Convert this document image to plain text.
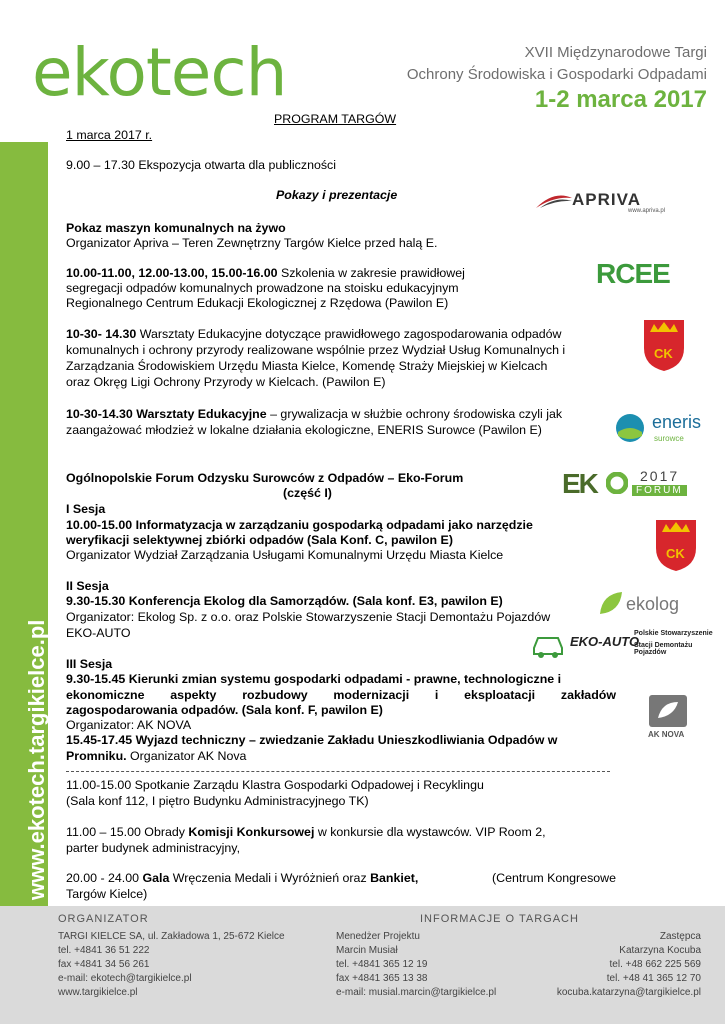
ekotech	XVII Międzynarodowe Targi
Ochrony Środowiska i Gospodarki Odpadami
1-2 marca 2017
www.ekotech.targikielce.pl
PROGRAM TARGÓW
1 marca 2017 r.
9.00 – 17.30 Ekspozycja otwarta dla publiczności
Pokazy i prezentacje
Pokaz maszyn komunalnych na żywo
Organizator Apriva – Teren Zewnętrzny Targów Kielce przed halą E.
10.00-11.00, 12.00-13.00, 15.00-16.00 Szkolenia w zakresie prawidłowej
segregacji odpadów komunalnych prowadzone na stoisku edukacyjnym
Regionalnego Centrum Edukacji Ekologicznej z Rzędowa (Pawilon E)
10-30- 14.30 Warsztaty Edukacyjne dotyczące prawidłowego zagospodarowania odpadów
komunalnych i ochrony przyrody realizowane wspólnie przez Wydział Usług Komunalnych i
Zarządzania Środowiskiem Urzędu Miasta Kielce, Komendę Straży Miejskiej w Kielcach
oraz Okręg Ligi Ochrony Przyrody w Kielcach. (Pawilon E)
10-30-14.30 Warsztaty Edukacyjne – grywalizacja w służbie ochrony środowiska czyli jak
zaangażować młodzież w lokalne działania ekologiczne, ENERIS Surowce (Pawilon E)
Ogólnopolskie Forum Odzysku Surowców z Odpadów – Eko-Forum
(część I)
I Sesja
10.00-15.00 Informatyzacja w zarządzaniu gospodarką odpadami jako narzędzie
weryfikacji selektywnej zbiórki odpadów (Sala Konf. C, pawilon E)
Organizator Wydział Zarządzania Usługami Komunalnymi Urzędu Miasta Kielce
II Sesja
9.30-15.30 Konferencja Ekolog dla Samorządów. (Sala konf. E3, pawilon E)
Organizator: Ekolog Sp. z o.o. oraz Polskie Stowarzyszenie Stacji Demontażu Pojazdów
EKO-AUTO
III Sesja
9.30-15.45 Kierunki zmian systemu gospodarki odpadami - prawne, technologiczne i
ekonomiczne aspekty rozbudowy modernizacji i eksploatacji zakładów
zagospodarowania odpadów. (Sala konf. F, pawilon E)
Organizator: AK NOVA
15.45-17.45 Wyjazd techniczny – zwiedzanie Zakładu Unieszkodliwiania Odpadów w
Promniku. Organizator AK Nova
11.00-15.00 Spotkanie Zarządu Klastra Gospodarki Odpadowej i Recyklingu
(Sala konf 112, I piętro Budynku Administracyjnego TK)
11.00 – 15.00 Obrady Komisji Konkursowej w konkursie dla wystawców. VIP Room 2,
parter budynek administracyjny,
20.00 - 24.00 Gala Wręczenia Medali i Wyróżnień oraz Bankiet,	(Centrum Kongresowe
Targów Kielce)
APRIVA
www.apriva.pl
RCEE
CK
eneris
surowce
EK	2017
FORUM
CK
ekolog
EKO-AUTO
Polskie Stowarzyszenie
Stacji Demontażu Pojazdów
AK NOVA
ORGANIZATOR
TARGI KIELCE SA, ul. Zakładowa 1, 25-672 Kielce
tel. +4841 36 51 222
fax +4841 34 56 261
e-mail: ekotech@targikielce.pl
www.targikielce.pl
INFORMACJE O TARGACH
Menedżer Projektu
Marcin Musiał
tel. +4841 365 12 19
fax +4841 365 13 38
e-mail: musial.marcin@targikielce.pl
Zastępca
Katarzyna Kocuba
tel. +48 662 225 569
tel. +48 41 365 12 70
kocuba.katarzyna@targikielce.pl
